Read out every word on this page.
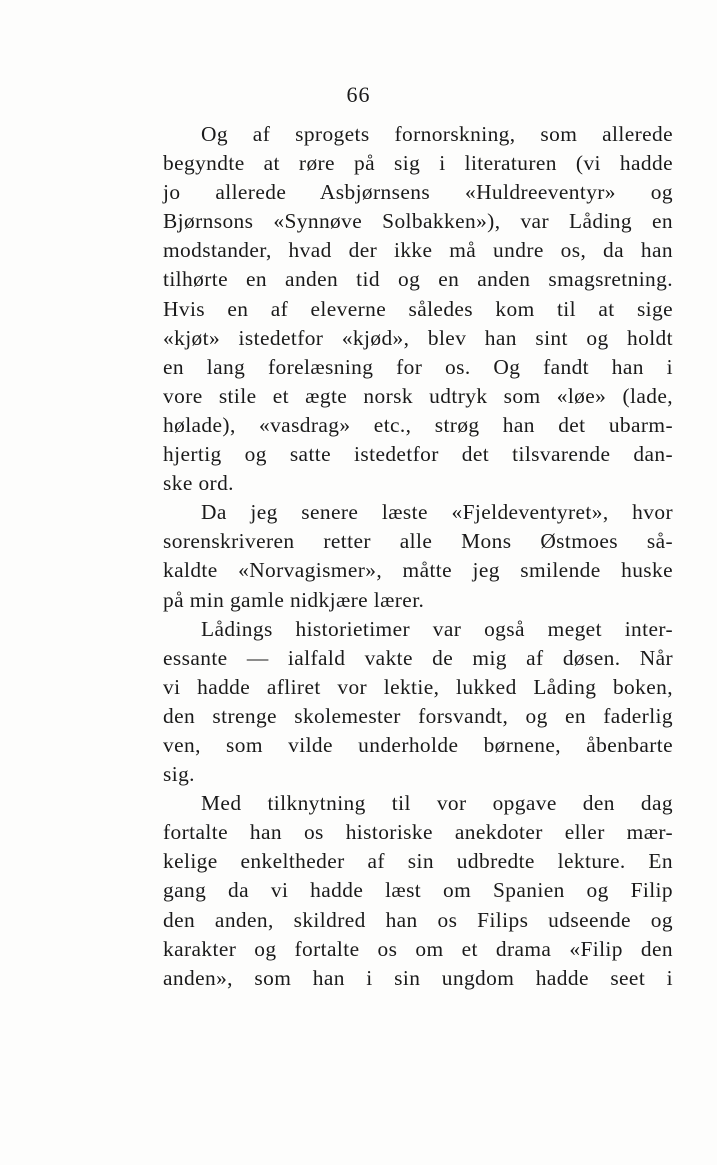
66
Og af sprogets fornorskning, som allerede
begyndte at røre på sig i literaturen (vi hadde
jo allerede Asbjørnsens «Huldreeventyr» og
Bjørnsons «Synnøve Solbakken»), var Låding en
modstander, hvad der ikke må undre os, da han
tilhørte en anden tid og en anden smagsretning.
Hvis en af eleverne således kom til at sige
«kjøt» istedetfor «kjød», blev han sint og holdt
en lang forelæsning for os. Og fandt han i
vore stile et ægte norsk udtryk som «løe» (lade,
hølade), «vasdrag» etc., strøg han det ubarm-
hjertig og satte istedetfor det tilsvarende dan-
ske ord.
Da jeg senere læste «Fjeldeventyret», hvor
sorenskriveren retter alle Mons Østmoes så-
kaldte «Norvagismer», måtte jeg smilende huske
på min gamle nidkjære lærer.
Lådings historietimer var også meget inter-
essante — ialfald vakte de mig af døsen. Når
vi hadde afliret vor lektie, lukked Låding boken,
den strenge skolemester forsvandt, og en faderlig
ven, som vilde underholde børnene, åbenbarte
sig.
Med tilknytning til vor opgave den dag
fortalte han os historiske anekdoter eller mær-
kelige enkeltheder af sin udbredte lekture. En
gang da vi hadde læst om Spanien og Filip
den anden, skildred han os Filips udseende og
karakter og fortalte os om et drama «Filip den
anden», som han i sin ungdom hadde seet i
